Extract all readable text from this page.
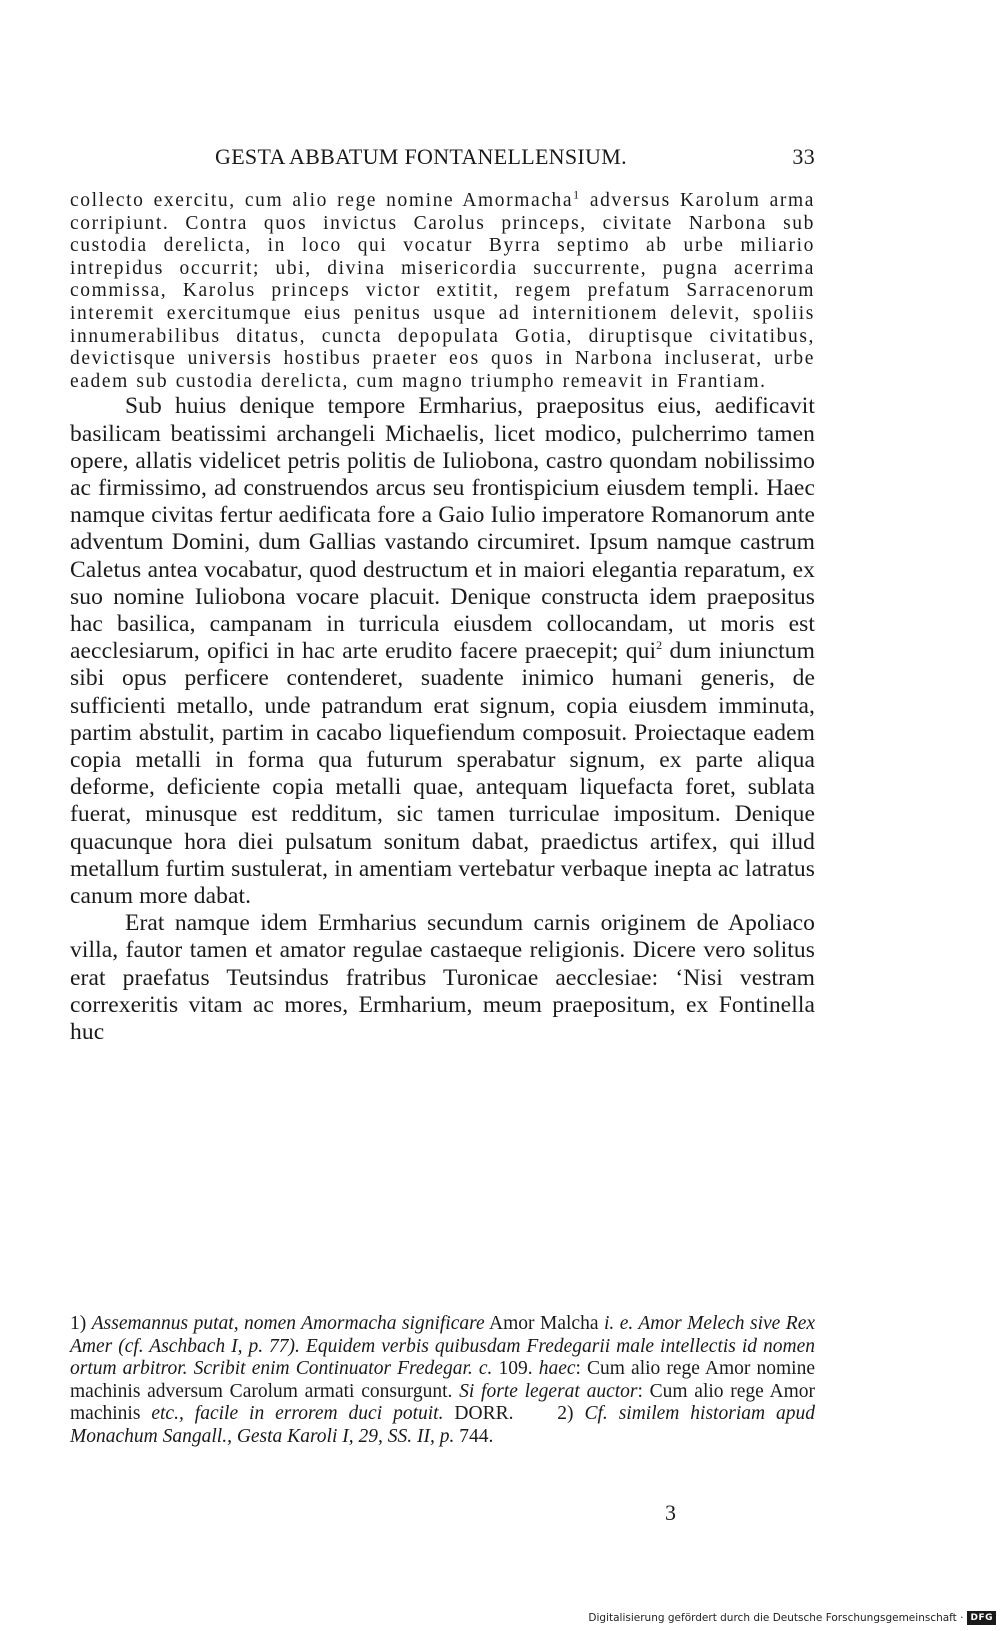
GESTA ABBATUM FONTANELLENSIUM.	33

collecto exercitu, cum alio rege nomine Amormacha$^1$ adversus Karolum arma corripiunt. Contra quos invictus Carolus princeps, civitate Narbona sub custodia derelicta, in loco qui vocatur Byrra septimo ab urbe miliario intrepidus occurrit; ubi, divina misericordia succurrente, pugna acerrima commissa, Karolus princeps victor extitit, regem prefatum Sarracenorum interemit exercitumque eius penitus usque ad internitionem delevit, spoliis innumerabilibus ditatus, cuncta depopulata Gotia, diruptisque civitatibus, devictisque universis hostibus praeter eos quos in Narbona incluserat, urbe eadem sub custodia derelicta, cum magno triumpho remeavit in Frantiam.

Sub huius denique tempore Ermharius, praepositus eius, aedificavit basilicam beatissimi archangeli Michaelis, licet modico, pulcherrimo tamen opere, allatis videlicet petris politis de Iuliobona, castro quondam nobilissimo ac firmissimo, ad construendos arcus seu frontispicium eiusdem templi. Haec namque civitas fertur aedificata fore a Gaio Iulio imperatore Romanorum ante adventum Domini, dum Gallias vastando circumiret. Ipsum namque castrum Caletus antea vocabatur, quod destructum et in maiori elegantia reparatum, ex suo nomine Iuliobona vocare placuit. Denique constructa idem praepositus hac basilica, campanam in turricula eiusdem collocandam, ut moris est aecclesiarum, opifici in hac arte erudito facere praecepit; qui$^2$ dum iniunctum sibi opus perficere contenderet, suadente inimico humani generis, de sufficienti metallo, unde patrandum erat signum, copia eiusdem imminuta, partim abstulit, partim in cacabo liquefiendum composuit. Proiectaque eadem copia metalli in forma qua futurum sperabatur signum, ex parte aliqua deforme, deficiente copia metalli quae, antequam liquefacta foret, sublata fuerat, minusque est redditum, sic tamen turriculae impositum. Denique quacunque hora diei pulsatum sonitum dabat, praedictus artifex, qui illud metallum furtim sustulerat, in amentiam vertebatur verbaque inepta ac latratus canum more dabat.

Erat namque idem Ermharius secundum carnis originem de Apoliaco villa, fautor tamen et amator regulae castaeque religionis. Dicere vero solitus erat praefatus Teutsindus fratribus Turonicae aecclesiae: ‘Nisi vestram correxeritis vitam ac mores, Ermharium, meum praepositum, ex Fontinella huc

1) Assemannus putat, nomen Amormacha significare Amor Malcha i. e. Amor Melech sive Rex Amer (cf. Aschbach I, p. 77). Equidem verbis quibusdam Fredegarii male intellectis id nomen ortum arbitror. Scribit enim Continuator Fredegar. c. 109. haec: Cum alio rege Amor nomine machinis adversum Carolum armati consurgunt. Si forte legerat auctor: Cum alio rege Amor machinis etc., facile in errorem duci potuit. DORR. 2) Cf. similem historiam apud Monachum Sangall., Gesta Karoli I, 29, SS. II, p. 744.

3
Digitalisierung gefördert durch die Deutsche Forschungsgemeinschaft · DFG
